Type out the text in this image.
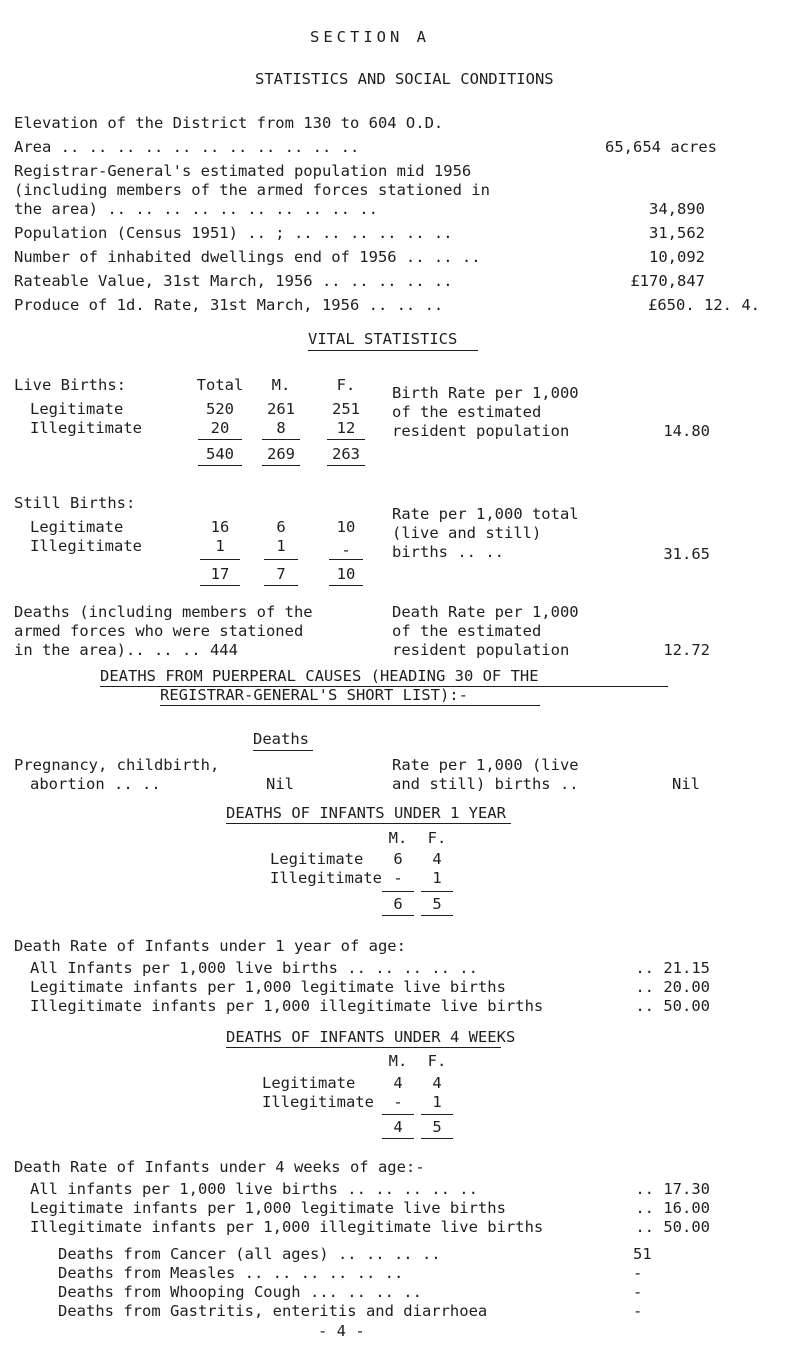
SECTION A
STATISTICS AND SOCIAL CONDITIONS
Elevation of the District from 130 to 604 O.D.
Area .. .. .. .. .. .. .. .. .. .. ..	65,654 acres
Registrar-General's estimated population mid 1956
(including members of the armed forces stationed in
the area) .. .. .. .. .. .. .. .. .. ..	34,890
Population (Census 1951) .. ; .. .. .. .. .. ..	31,562
Number of inhabited dwellings end of 1956 .. .. ..	10,092
Rateable Value, 31st March, 1956 .. .. .. .. ..	£170,847
Produce of 1d. Rate, 31st March, 1956 .. .. ..	£650. 12. 4.
VITAL STATISTICS
Live Births:	Total	M.	F.
Legitimate	520	261	251
Illegitimate	20	8	12
540	269	263
Birth Rate per 1,000
of the estimated
resident population	14.80
Still Births:
Legitimate	16	6	10
Illegitimate	1	1	-
17	7	10
Rate per 1,000 total
(live and still)
births .. ..	31.65
Deaths (including members of the
armed forces who were stationed
in the area).. .. .. 444
Death Rate per 1,000
of the estimated
resident population	12.72
DEATHS FROM PUERPERAL CAUSES (HEADING 30 OF THE
REGISTRAR-GENERAL'S SHORT LIST):-
Deaths
Pregnancy, childbirth,
abortion .. ..	Nil
Rate per 1,000 (live
and still) births ..	Nil
DEATHS OF INFANTS UNDER 1 YEAR
M.	F.
Legitimate	6	4
Illegitimate -	1
6	5
Death Rate of Infants under 1 year of age:
All Infants per 1,000 live births .. .. .. .. ..	.. 21.15
Legitimate infants per 1,000 legitimate live births	.. 20.00
Illegitimate infants per 1,000 illegitimate live births	.. 50.00
DEATHS OF INFANTS UNDER 4 WEEKS
M.	F.
Legitimate	4	4
Illegitimate	-	1
4	5
Death Rate of Infants under 4 weeks of age:-
All infants per 1,000 live births .. .. .. .. ..	.. 17.30
Legitimate infants per 1,000 legitimate live births	.. 16.00
Illegitimate infants per 1,000 illegitimate live births	.. 50.00
Deaths from Cancer (all ages) .. .. .. ..	51
Deaths from Measles .. .. .. .. .. ..	-
Deaths from Whooping Cough ... .. .. ..	-
Deaths from Gastritis, enteritis and diarrhoea	-
- 4 -
